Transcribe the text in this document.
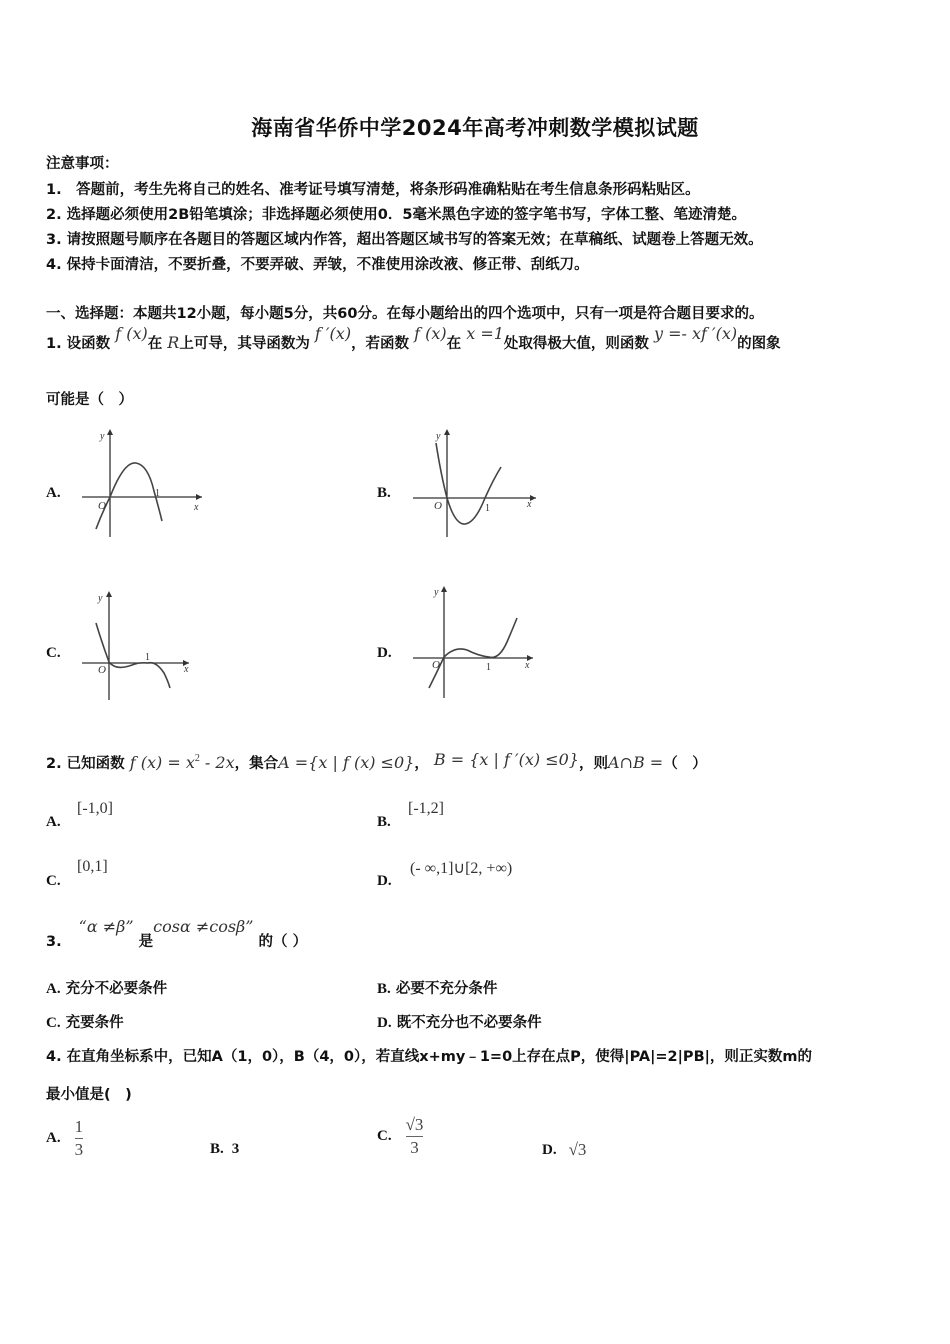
海南省华侨中学2024年高考冲刺数学模拟试题
注意事项：
1.　答题前，考生先将自己的姓名、准考证号填写清楚，将条形码准确粘贴在考生信息条形码粘贴区。
2. 选择题必须使用2B铅笔填涂；非选择题必须使用0．5毫米黑色字迹的签字笔书写，字体工整、笔迹清楚。
3. 请按照题号顺序在各题目的答题区域内作答，超出答题区域书写的答案无效；在草稿纸、试题卷上答题无效。
4. 保持卡面清洁，不要折叠，不要弄破、弄皱，不准使用涂改液、修正带、刮纸刀。
一、选择题：本题共12小题，每小题5分，共60分。在每小题给出的四个选项中，只有一项是符合题目要求的。
1. 设函数 f (x)在 R上可导，其导函数为 f ′(x)，若函数 f (x)在 x =1处取得极大值，则函数 y =- xf ′(x)的图象
可能是（　）
A.
y
O
1
x
B.
y
O	1	x
C.
y
O
1
x
D.
y
O	1	x
2. 已知函数 f $(x) = x^2 - 2x$，集合A ={x | f (x) ≤0}， B = {x | f ′(x) ≤0}，则A∩B =（　）
A.
[-1,0]
B.
[-1,2]
C.
[0,1]
D.
(- ∞,1]∪[2, +∞)
3. “α ≠β” 是cosα ≠cosβ” 的（ ）
A. 充分不必要条件	B. 必要不充分条件
C. 充要条件	D. 既不充分也不必要条件
4. 在直角坐标系中，已知A（1，0），B（4，0），若直线x+my﹣1=0上存在点P，使得|PA|=2|PB|，则正实数m的
最小值是(　)
A. $\frac{1}{3}$	B. 3
C. $\frac{√3}{3}$	D. √3
